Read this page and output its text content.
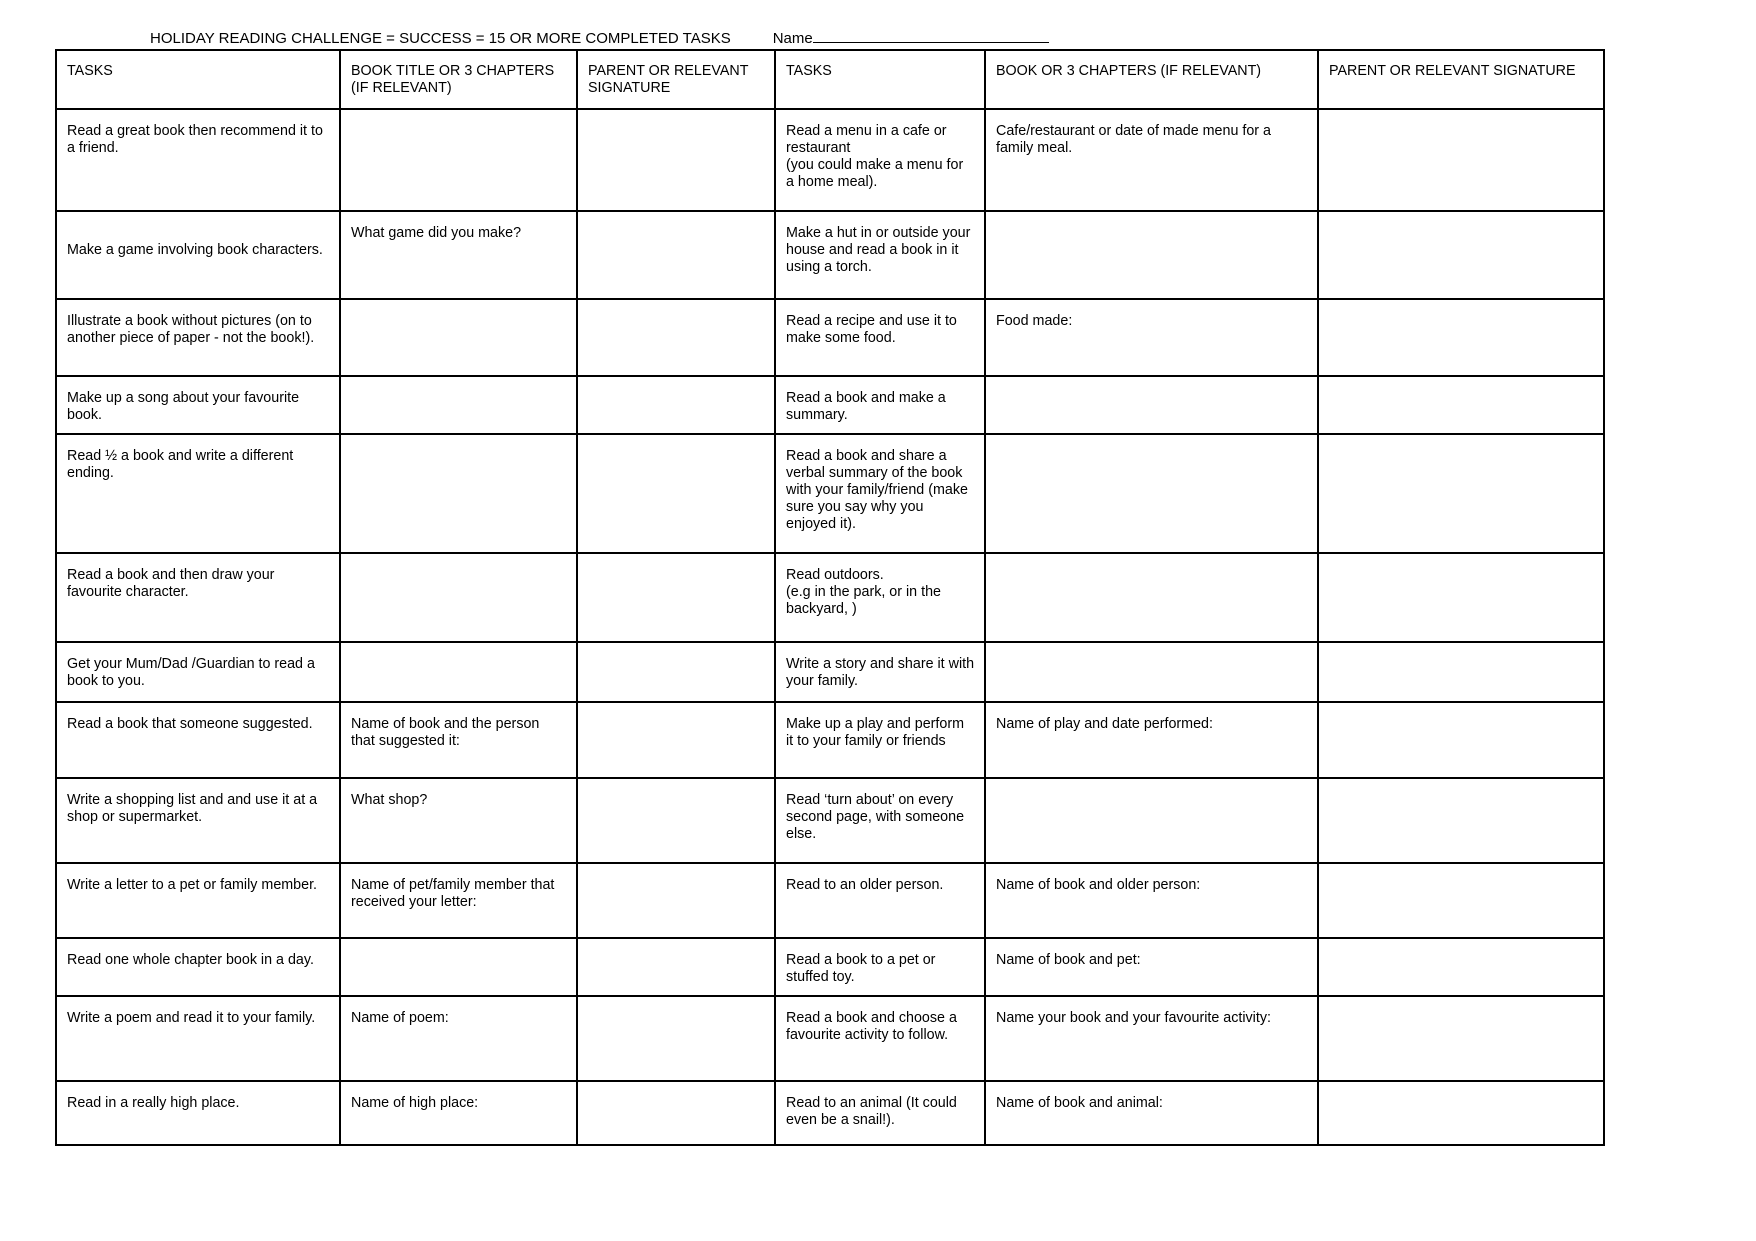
HOLIDAY READING CHALLENGE = SUCCESS = 15 OR MORE COMPLETED TASKS	Name
TASKS	BOOK TITLE OR 3 CHAPTERS (IF RELEVANT)	PARENT OR RELEVANT SIGNATURE	TASKS	BOOK OR 3 CHAPTERS (IF RELEVANT)	PARENT OR RELEVANT SIGNATURE
Read a great book then recommend it to a friend.			Read a menu in a cafe or restaurant
(you could make a menu for a home meal).	Cafe/restaurant or date of made menu for a family meal.	

Make a game involving book characters.	What game did you make?		Make a hut in or outside your house and read a book in it using a torch.		
Illustrate a book without pictures (on to another piece of paper - not the book!).			Read a recipe and use it to make some food.	Food made:	
Make up a song about your favourite book.			Read a book and make a summary.		
Read ½ a book and write a different ending.			Read a book and share a verbal summary of the book with your family/friend (make sure you say why you enjoyed it).		
Read a book and then draw your favourite character.			Read outdoors.
(e.g in the park, or in the backyard, )		
Get your Mum/Dad /Guardian to read a book to you.			Write a story and share it with your family.		
Read a book that someone suggested.	Name of book and the person that suggested it:		Make up a play and perform it to your family or friends	Name of play and date performed:	
Write a shopping list and and use it at a shop or supermarket.	What shop?		Read ‘turn about’ on every second page, with someone else.		
Write a letter to a pet or family member.	Name of pet/family member that received your letter:		Read to an older person.	Name of book and older person:	
Read one whole chapter book in a day.			Read a book to a pet or stuffed toy.	Name of book and pet:	
Write a poem and read it to your family.	Name of poem:		Read a book and choose a favourite activity to follow.	Name your book and your favourite activity:	
Read in a really high place.	Name of high place:		Read to an animal (It could even be a snail!).	Name of book and animal:	
